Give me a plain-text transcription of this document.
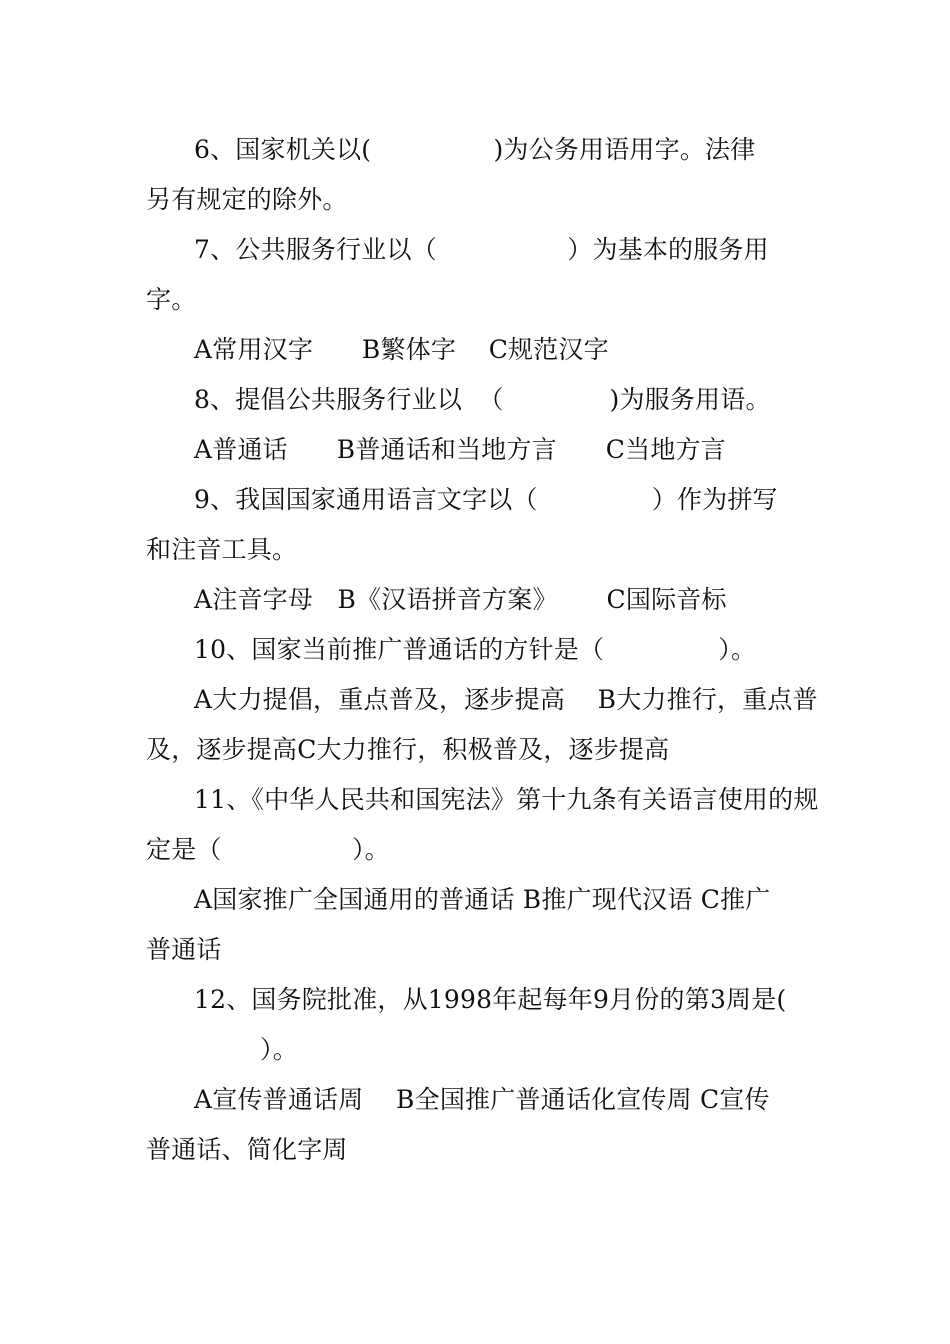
6、国家机关以(               )为公务用语用字。法律
另有规定的除外。
7、公共服务行业以（                ）为基本的服务用
字。
A常用汉字      B繁体字    C规范汉字
8、提倡公共服务行业以  （             )为服务用语。
A普通话      B普通话和当地方言      C当地方言
9、我国国家通用语言文字以（              ）作为拼写
和注音工具。
A注音字母   B《汉语拼音方案》      C国际音标
10、国家当前推广普通话的方针是（              ）。
A大力提倡，重点普及，逐步提高    B大力推行，重点普
及，逐步提高C大力推行，积极普及，逐步提高
11、《中华人民共和国宪法》第十九条有关语言使用的规
定是（                ）。
A国家推广全国通用的普通话 B推广现代汉语 C推广
普通话
12、国务院批准，从1998年起每年9月份的第3周是(
）。
A宣传普通话周    B全国推广普通话化宣传周 C宣传
普通话、简化字周
